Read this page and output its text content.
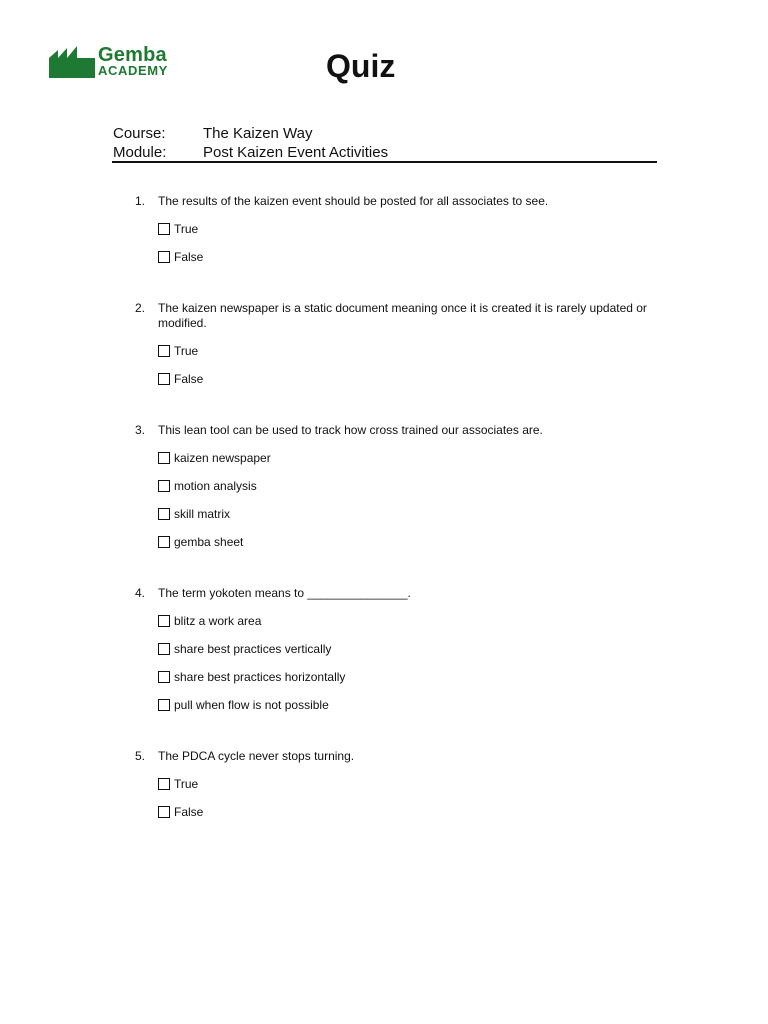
Gemba
ACADEMY	Quiz
Course:	The Kaizen Way
Module:	Post Kaizen Event Activities
1.	The results of the kaizen event should be posted for all associates to see.
True
False
2.	The kaizen newspaper is a static document meaning once it is created it is rarely updated or modified.
True
False
3.	This lean tool can be used to track how cross trained our associates are.
kaizen newspaper
motion analysis
skill matrix
gemba sheet
4.	The term yokoten means to _______________.
blitz a work area
share best practices vertically
share best practices horizontally
pull when flow is not possible
5.	The PDCA cycle never stops turning.
True
False
